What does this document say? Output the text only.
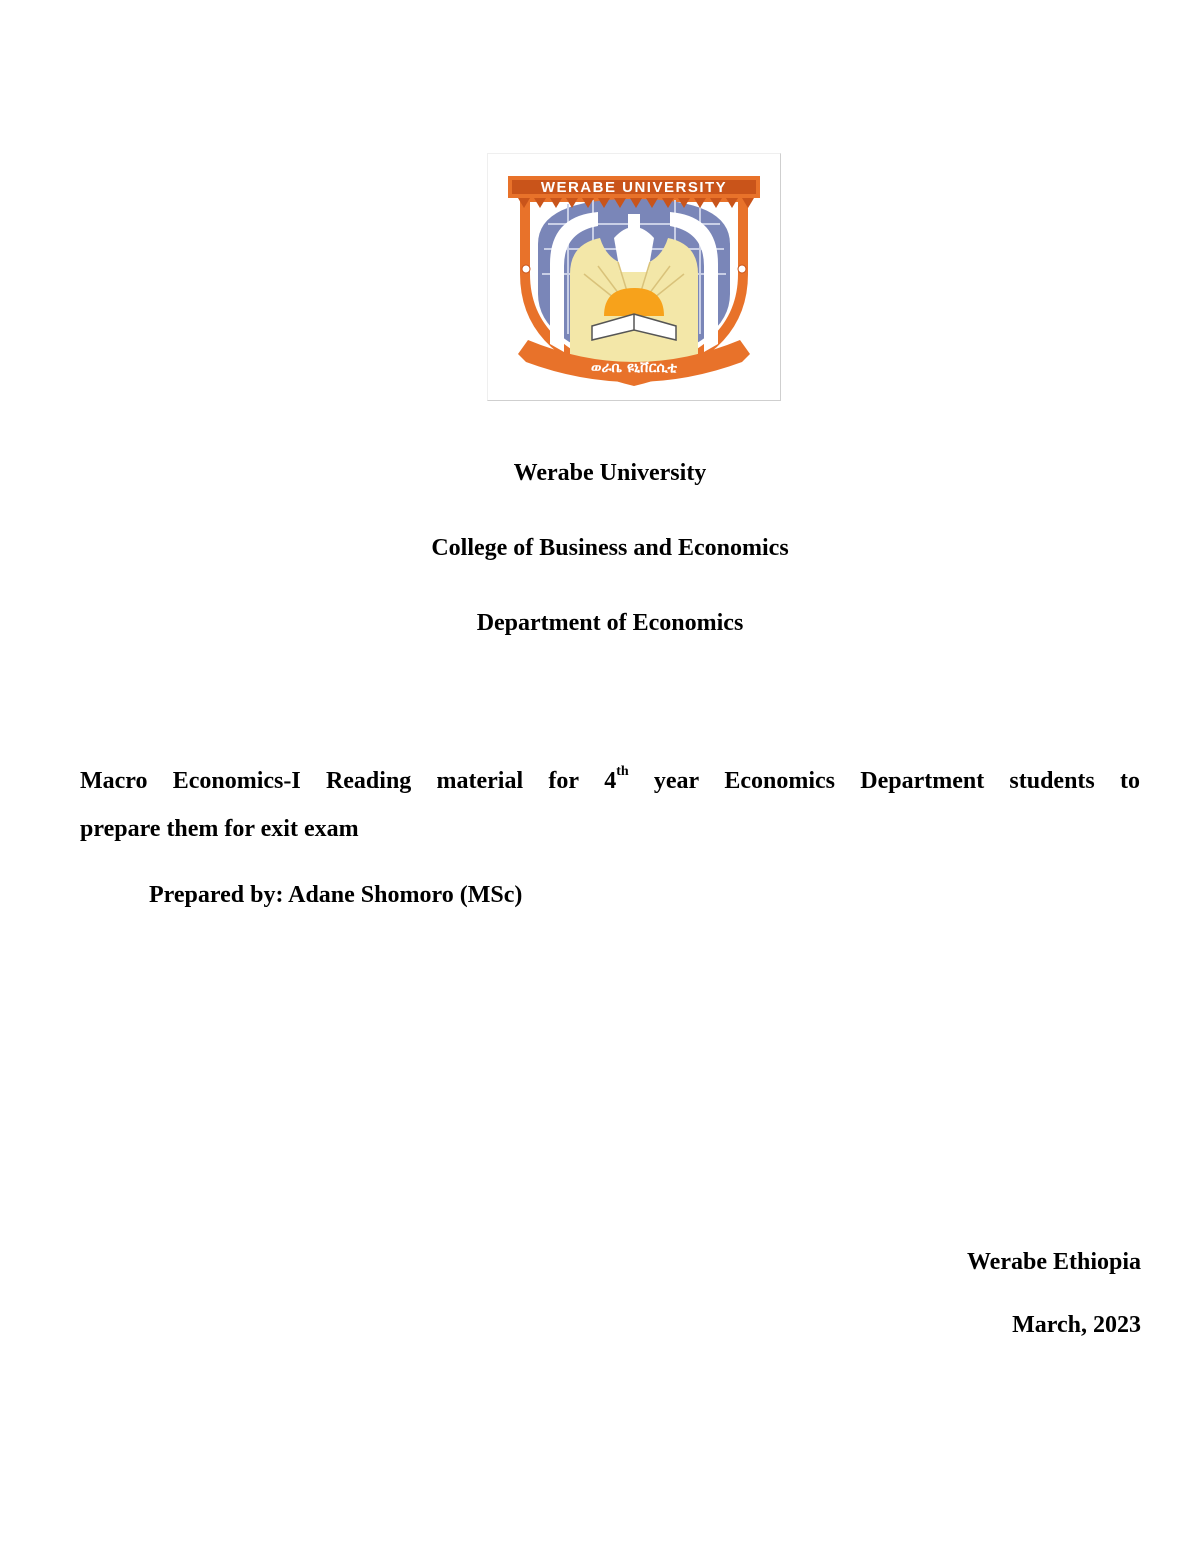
WERABE UNIVERSITY
ወራቤ ዩኒቨርሲቲ

Werabe University

College of Business and Economics

Department of Economics

Macro Economics-I Reading material for 4th year Economics Department students to
prepare them for exit exam

Prepared by: Adane Shomoro (MSc)

Werabe Ethiopia

March, 2023
